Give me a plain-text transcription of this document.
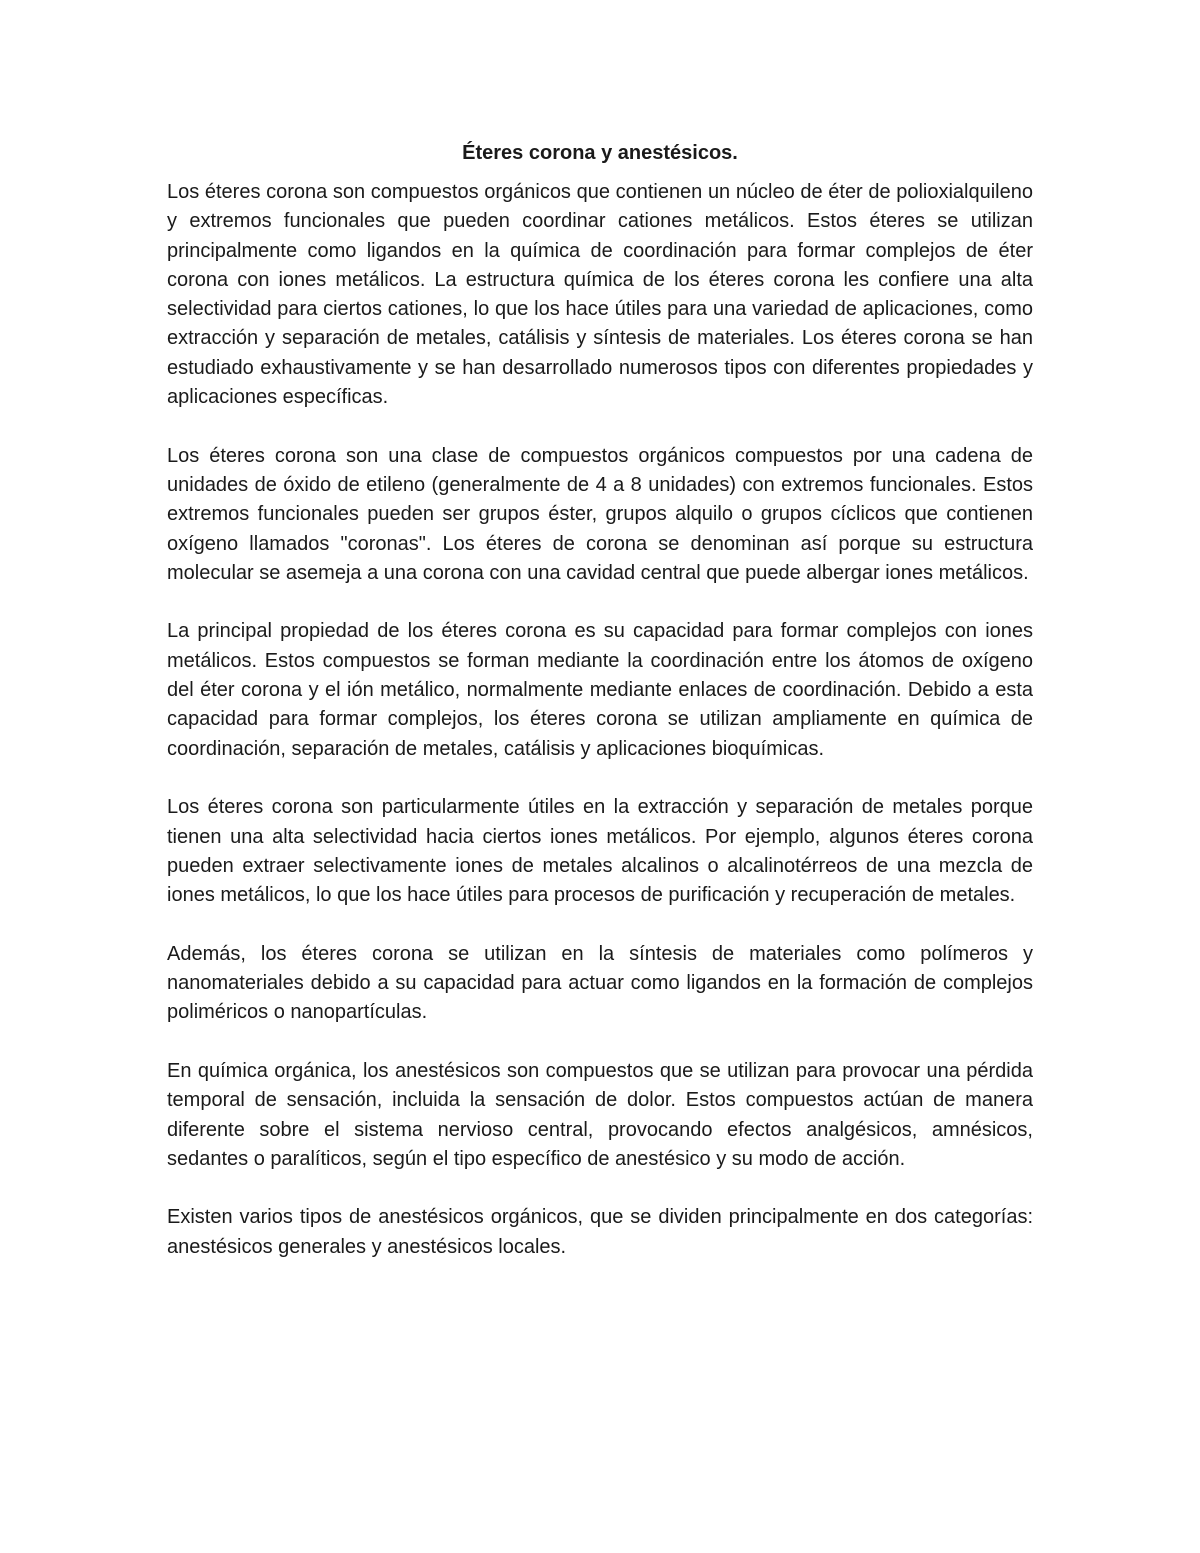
Éteres corona y anestésicos.

Los éteres corona son compuestos orgánicos que contienen un núcleo de éter de polioxialquileno y extremos funcionales que pueden coordinar cationes metálicos. Estos éteres se utilizan principalmente como ligandos en la química de coordinación para formar complejos de éter corona con iones metálicos. La estructura química de los éteres corona les confiere una alta selectividad para ciertos cationes, lo que los hace útiles para una variedad de aplicaciones, como extracción y separación de metales, catálisis y síntesis de materiales. Los éteres corona se han estudiado exhaustivamente y se han desarrollado numerosos tipos con diferentes propiedades y aplicaciones específicas.

Los éteres corona son una clase de compuestos orgánicos compuestos por una cadena de unidades de óxido de etileno (generalmente de 4 a 8 unidades) con extremos funcionales. Estos extremos funcionales pueden ser grupos éster, grupos alquilo o grupos cíclicos que contienen oxígeno llamados "coronas". Los éteres de corona se denominan así porque su estructura molecular se asemeja a una corona con una cavidad central que puede albergar iones metálicos.

La principal propiedad de los éteres corona es su capacidad para formar complejos con iones metálicos. Estos compuestos se forman mediante la coordinación entre los átomos de oxígeno del éter corona y el ión metálico, normalmente mediante enlaces de coordinación. Debido a esta capacidad para formar complejos, los éteres corona se utilizan ampliamente en química de coordinación, separación de metales, catálisis y aplicaciones bioquímicas.

Los éteres corona son particularmente útiles en la extracción y separación de metales porque tienen una alta selectividad hacia ciertos iones metálicos. Por ejemplo, algunos éteres corona pueden extraer selectivamente iones de metales alcalinos o alcalinotérreos de una mezcla de iones metálicos, lo que los hace útiles para procesos de purificación y recuperación de metales.

Además, los éteres corona se utilizan en la síntesis de materiales como polímeros y nanomateriales debido a su capacidad para actuar como ligandos en la formación de complejos poliméricos o nanopartículas.

En química orgánica, los anestésicos son compuestos que se utilizan para provocar una pérdida temporal de sensación, incluida la sensación de dolor. Estos compuestos actúan de manera diferente sobre el sistema nervioso central, provocando efectos analgésicos, amnésicos, sedantes o paralíticos, según el tipo específico de anestésico y su modo de acción.

Existen varios tipos de anestésicos orgánicos, que se dividen principalmente en dos categorías: anestésicos generales y anestésicos locales.
